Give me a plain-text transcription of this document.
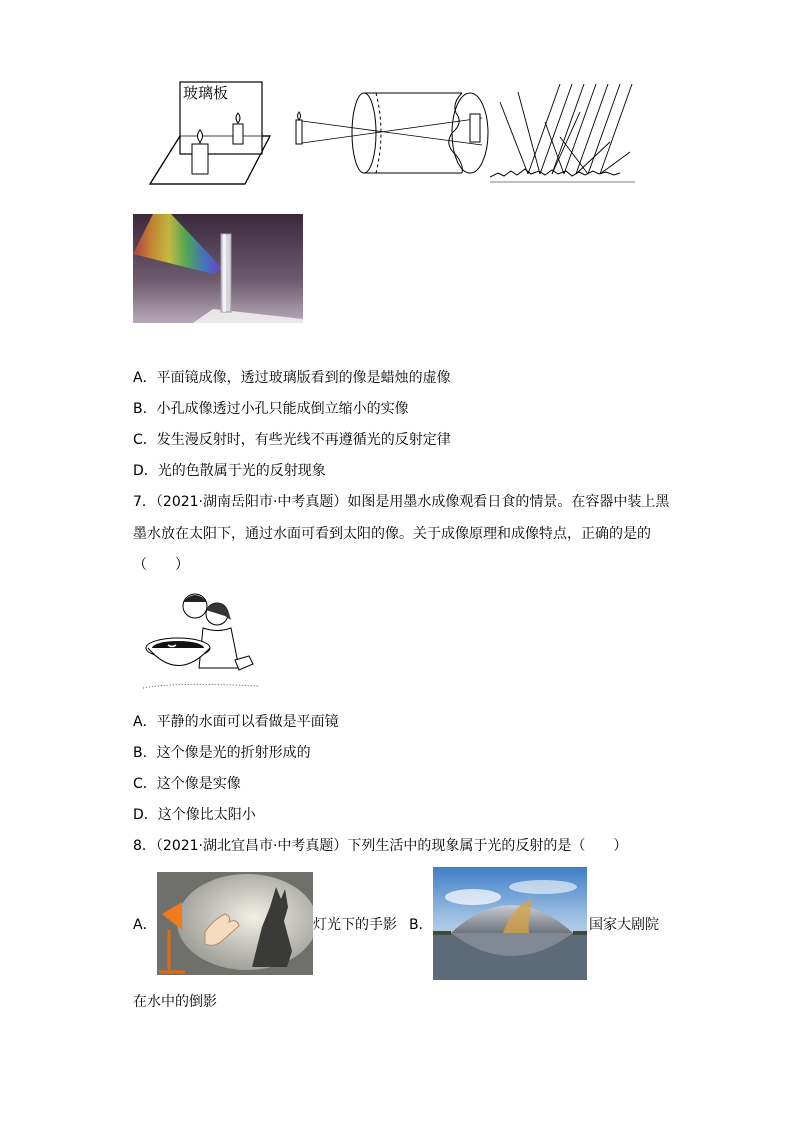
玻璃板
A．平面镜成像，透过玻璃版看到的像是蜡烛的虚像
B．小孔成像透过小孔只能成倒立缩小的实像
C．发生漫反射时，有些光线不再遵循光的反射定律
D．光的色散属于光的反射现象
7．（2021·湖南岳阳市·中考真题）如图是用墨水成像观看日食的情景。在容器中装上黑
墨水放在太阳下，通过水面可看到太阳的像。关于成像原理和成像特点，正确的是的
（　　）
A．平静的水面可以看做是平面镜
B．这个像是光的折射形成的
C．这个像是实像
D．这个像比太阳小
8．（2021·湖北宜昌市·中考真题）下列生活中的现象属于光的反射的是（　　）
A．	灯光下的手影 B．	国家大剧院
在水中的倒影
